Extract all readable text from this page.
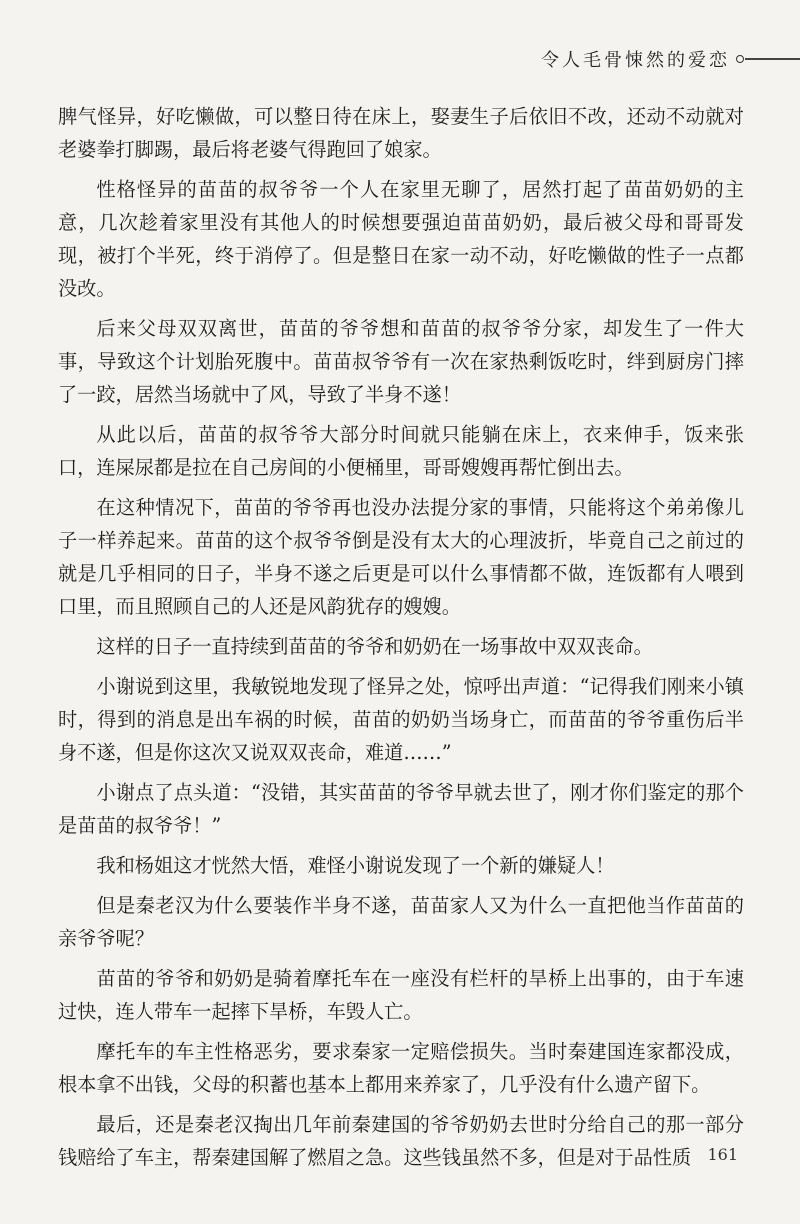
令人毛骨悚然的爱恋

脾气怪异，好吃懒做，可以整日待在床上，娶妻生子后依旧不改，还动不动就对老婆拳打脚踢，最后将老婆气得跑回了娘家。

性格怪异的苗苗的叔爷爷一个人在家里无聊了，居然打起了苗苗奶奶的主意，几次趁着家里没有其他人的时候想要强迫苗苗奶奶，最后被父母和哥哥发现，被打个半死，终于消停了。但是整日在家一动不动，好吃懒做的性子一点都没改。

后来父母双双离世，苗苗的爷爷想和苗苗的叔爷爷分家，却发生了一件大事，导致这个计划胎死腹中。苗苗叔爷爷有一次在家热剩饭吃时，绊到厨房门摔了一跤，居然当场就中了风，导致了半身不遂！

从此以后，苗苗的叔爷爷大部分时间就只能躺在床上，衣来伸手，饭来张口，连屎尿都是拉在自己房间的小便桶里，哥哥嫂嫂再帮忙倒出去。

在这种情况下，苗苗的爷爷再也没办法提分家的事情，只能将这个弟弟像儿子一样养起来。苗苗的这个叔爷爷倒是没有太大的心理波折，毕竟自己之前过的就是几乎相同的日子，半身不遂之后更是可以什么事情都不做，连饭都有人喂到口里，而且照顾自己的人还是风韵犹存的嫂嫂。

这样的日子一直持续到苗苗的爷爷和奶奶在一场事故中双双丧命。

小谢说到这里，我敏锐地发现了怪异之处，惊呼出声道：“记得我们刚来小镇时，得到的消息是出车祸的时候，苗苗的奶奶当场身亡，而苗苗的爷爷重伤后半身不遂，但是你这次又说双双丧命，难道……”

小谢点了点头道：“没错，其实苗苗的爷爷早就去世了，刚才你们鉴定的那个是苗苗的叔爷爷！”

我和杨姐这才恍然大悟，难怪小谢说发现了一个新的嫌疑人！

但是秦老汉为什么要装作半身不遂，苗苗家人又为什么一直把他当作苗苗的亲爷爷呢？

苗苗的爷爷和奶奶是骑着摩托车在一座没有栏杆的旱桥上出事的，由于车速过快，连人带车一起摔下旱桥，车毁人亡。

摩托车的车主性格恶劣，要求秦家一定赔偿损失。当时秦建国连家都没成，根本拿不出钱，父母的积蓄也基本上都用来养家了，几乎没有什么遗产留下。

最后，还是秦老汉掏出几年前秦建国的爷爷奶奶去世时分给自己的那一部分钱赔给了车主，帮秦建国解了燃眉之急。这些钱虽然不多，但是对于品性质	161
